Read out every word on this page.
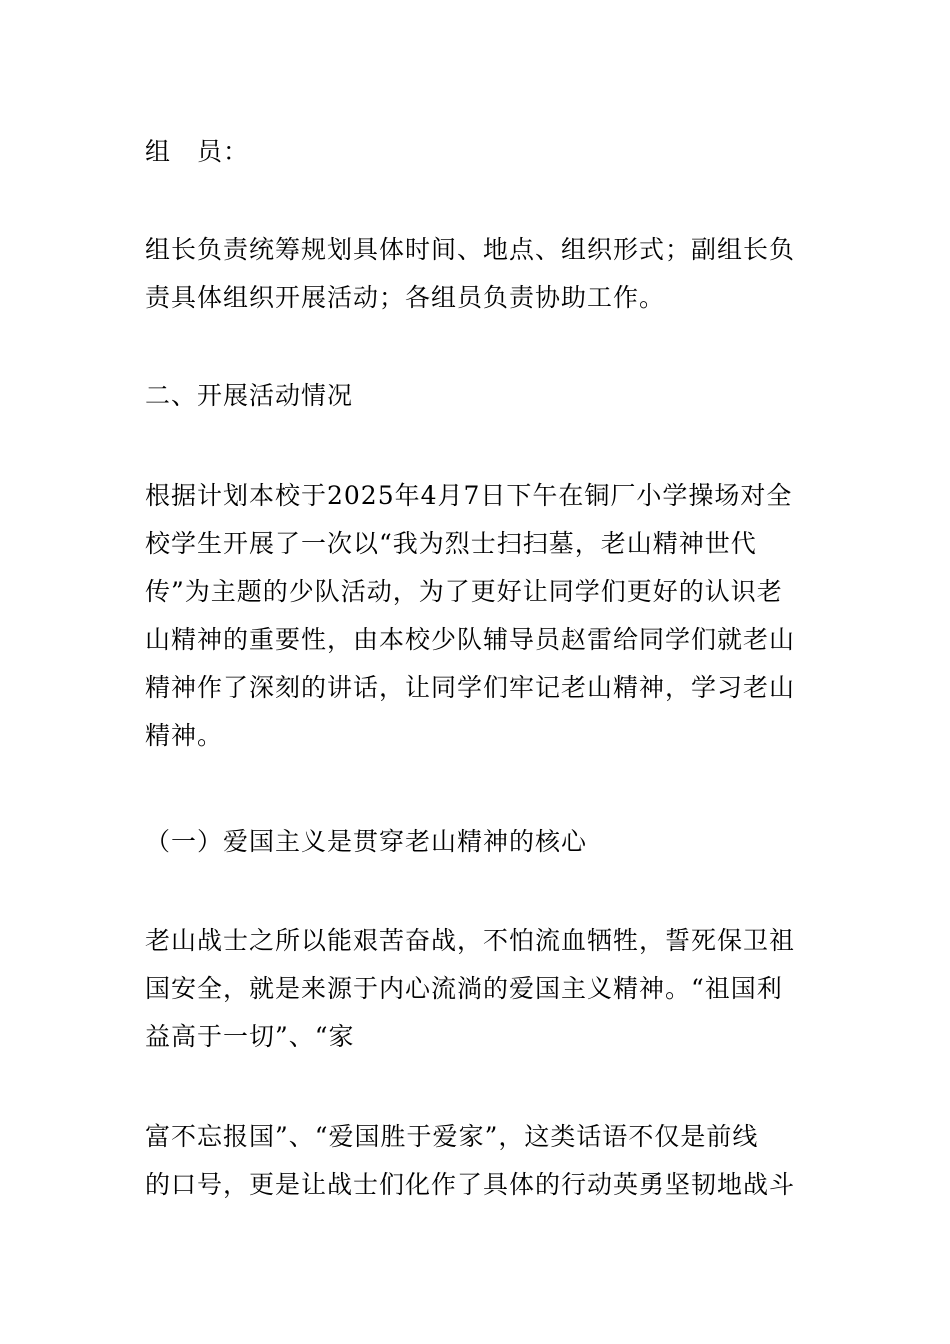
组　员：

组长负责统筹规划具体时间、地点、组织形式；副组长负
责具体组织开展活动；各组员负责协助工作。

二、开展活动情况

根据计划本校于2025年4月7日下午在铜厂小学操场对全
校学生开展了一次以“我为烈士扫扫墓，老山精神世代
传”为主题的少队活动，为了更好让同学们更好的认识老
山精神的重要性，由本校少队辅导员赵雷给同学们就老山
精神作了深刻的讲话，让同学们牢记老山精神，学习老山
精神。

（一）爱国主义是贯穿老山精神的核心

老山战士之所以能艰苦奋战，不怕流血牺牲，誓死保卫祖
国安全，就是来源于内心流淌的爱国主义精神。“祖国利
益高于一切”、“家

富不忘报国”、“爱国胜于爱家”，这类话语不仅是前线
的口号，更是让战士们化作了具体的行动英勇坚韧地战斗
